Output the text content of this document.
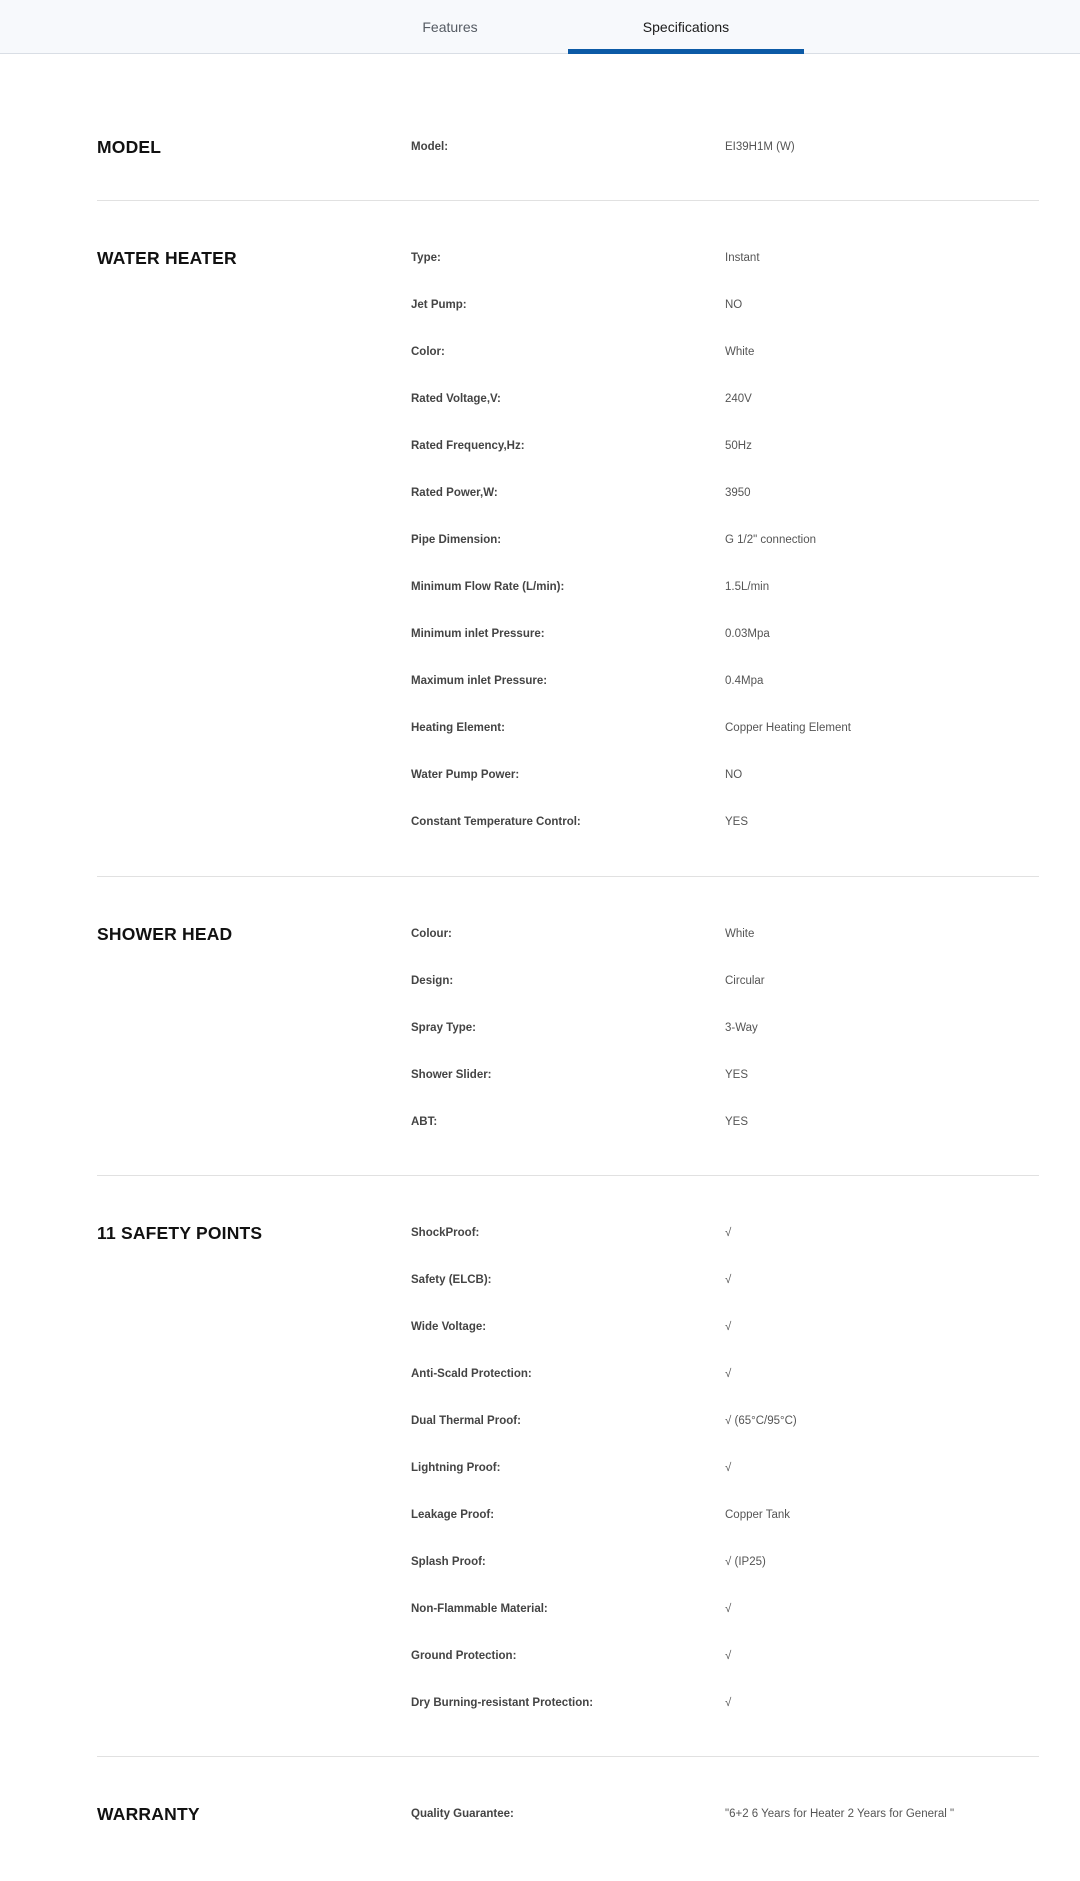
Features	Specifications
MODEL	Model:	EI39H1M (W)
WATER HEATER	Type:	Instant
Jet Pump:	NO
Color:	White
Rated Voltage,V:	240V
Rated Frequency,Hz:	50Hz
Rated Power,W:	3950
Pipe Dimension:	G 1/2" connection
Minimum Flow Rate (L/min):	1.5L/min
Minimum inlet Pressure:	0.03Mpa
Maximum inlet Pressure:	0.4Mpa
Heating Element:	Copper Heating Element
Water Pump Power:	NO
Constant Temperature Control:	YES
SHOWER HEAD	Colour:	White
Design:	Circular
Spray Type:	3-Way
Shower Slider:	YES
ABT:	YES
11 SAFETY POINTS	ShockProof:	√
Safety (ELCB):	√
Wide Voltage:	√
Anti-Scald Protection:	√
Dual Thermal Proof:	√ (65°C/95°C)
Lightning Proof:	√
Leakage Proof:	Copper Tank
Splash Proof:	√ (IP25)
Non-Flammable Material:	√
Ground Protection:	√
Dry Burning-resistant Protection:	√
WARRANTY	Quality Guarantee:	"6+2 6 Years for Heater 2 Years for General "
